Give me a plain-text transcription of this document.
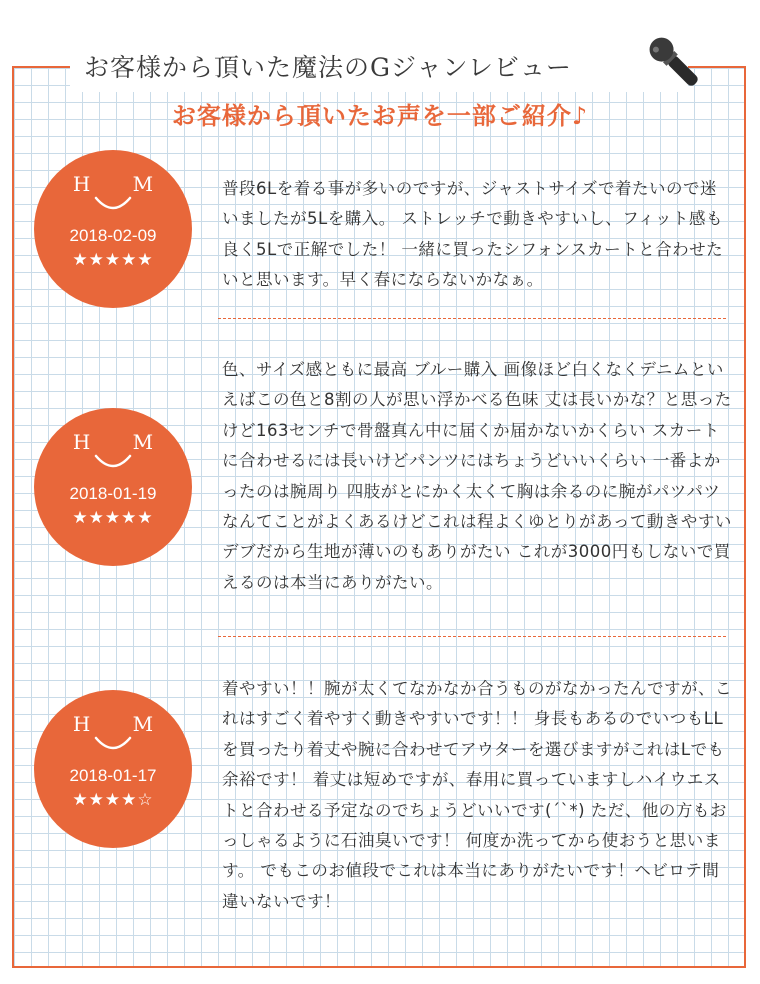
お客様から頂いた魔法のGジャンレビュー
お客様から頂いたお声を一部ご紹介♪
H M
2018-02-09
★★★★★
普段6Lを着る事が多いのですが、ジャストサイズで着たいので迷いましたが5Lを購入。 ストレッチで動きやすいし、フィット感も良く5Lで正解でした！ 一緒に買ったシフォンスカートと合わせたいと思います。早く春にならないかなぁ。
H M
2018-01-19
★★★★★
色、サイズ感ともに最高 ブルー購入 画像ほど白くなくデニムといえばこの色と8割の人が思い浮かべる色味 丈は長いかな？と思ったけど163センチで骨盤真ん中に届くか届かないかくらい スカートに合わせるには長いけどパンツにはちょうどいいくらい 一番よかったのは腕周り 四肢がとにかく太くて胸は余るのに腕がパツパツなんてことがよくあるけどこれは程よくゆとりがあって動きやすい デブだから生地が薄いのもありがたい これが3000円もしないで買えるのは本当にありがたい。
H M
2018-01-17
★★★★☆
着やすい！！腕が太くてなかなか合うものがなかったんですが、これはすごく着やすく動きやすいです！！ 身長もあるのでいつもLLを買ったり着丈や腕に合わせてアウターを選びますがこれはLでも余裕です！ 着丈は短めですが、春用に買っていますしハイウエストと合わせる予定なのでちょうどいいです(´`*) ただ、他の方もおっしゃるように石油臭いです！ 何度か洗ってから使おうと思います。 でもこのお値段でこれは本当にありがたいです！ヘビロテ間違いないです！
